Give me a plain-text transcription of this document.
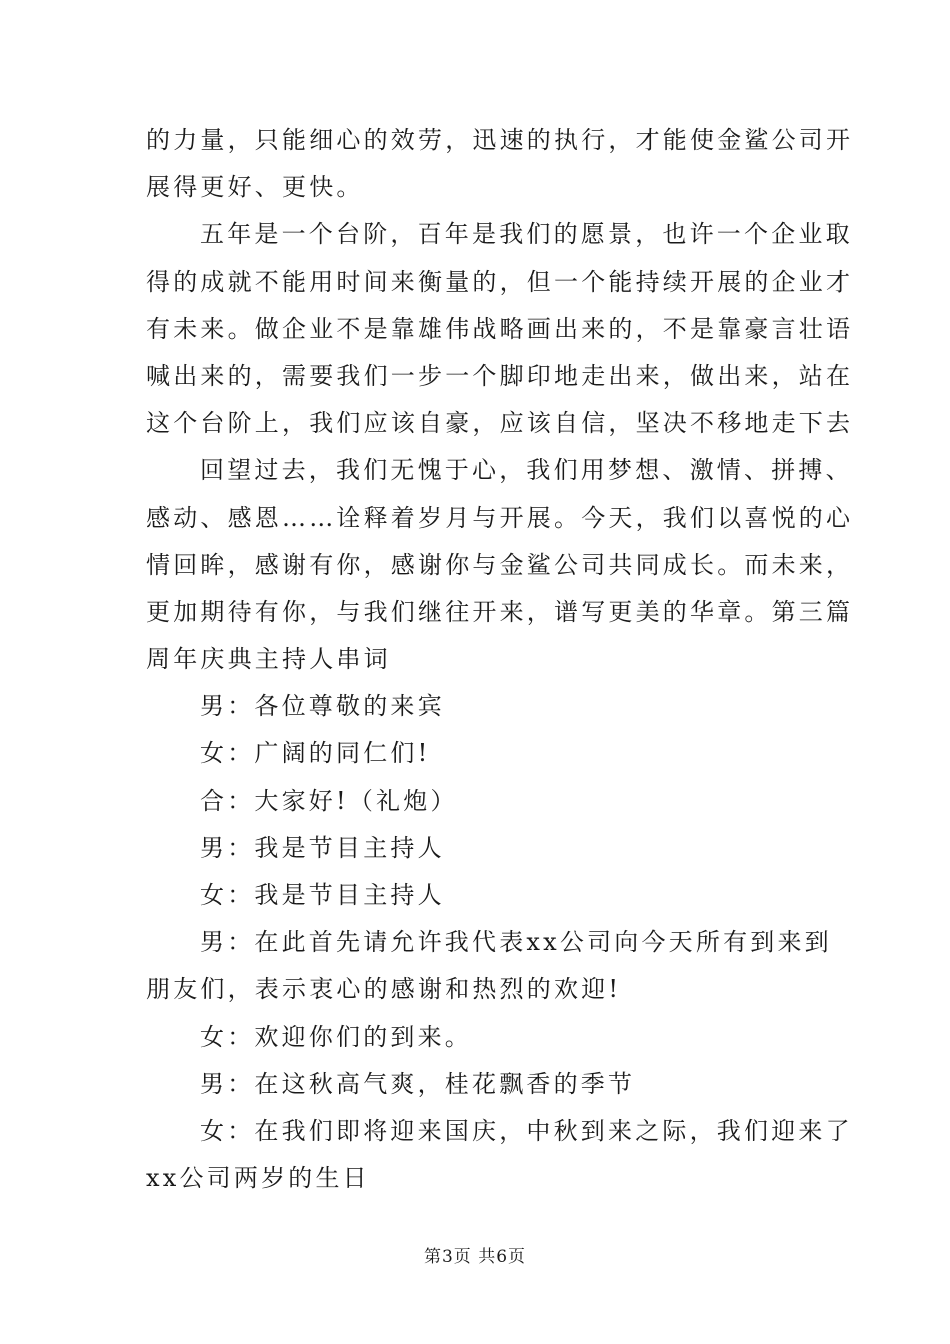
的力量，只能细心的效劳，迅速的执行，才能使金鲨公司开
展得更好、更快。
五年是一个台阶，百年是我们的愿景，也许一个企业取
得的成就不能用时间来衡量的，但一个能持续开展的企业才
有未来。做企业不是靠雄伟战略画出来的，不是靠豪言壮语
喊出来的，需要我们一步一个脚印地走出来，做出来，站在
这个台阶上，我们应该自豪，应该自信，坚决不移地走下去
回望过去，我们无愧于心，我们用梦想、激情、拼搏、
感动、感恩……诠释着岁月与开展。今天，我们以喜悦的心
情回眸，感谢有你，感谢你与金鲨公司共同成长。而未来，
更加期待有你，与我们继往开来，谱写更美的华章。第三篇
周年庆典主持人串词
男：各位尊敬的来宾
女：广阔的同仁们!
合：大家好!（礼炮）
男：我是节目主持人
女：我是节目主持人
男：在此首先请允许我代表xx公司向今天所有到来到
朋友们，表示衷心的感谢和热烈的欢迎!
女：欢迎你们的到来。
男：在这秋高气爽，桂花飘香的季节
女：在我们即将迎来国庆，中秋到来之际，我们迎来了
xx公司两岁的生日
第3页 共6页
